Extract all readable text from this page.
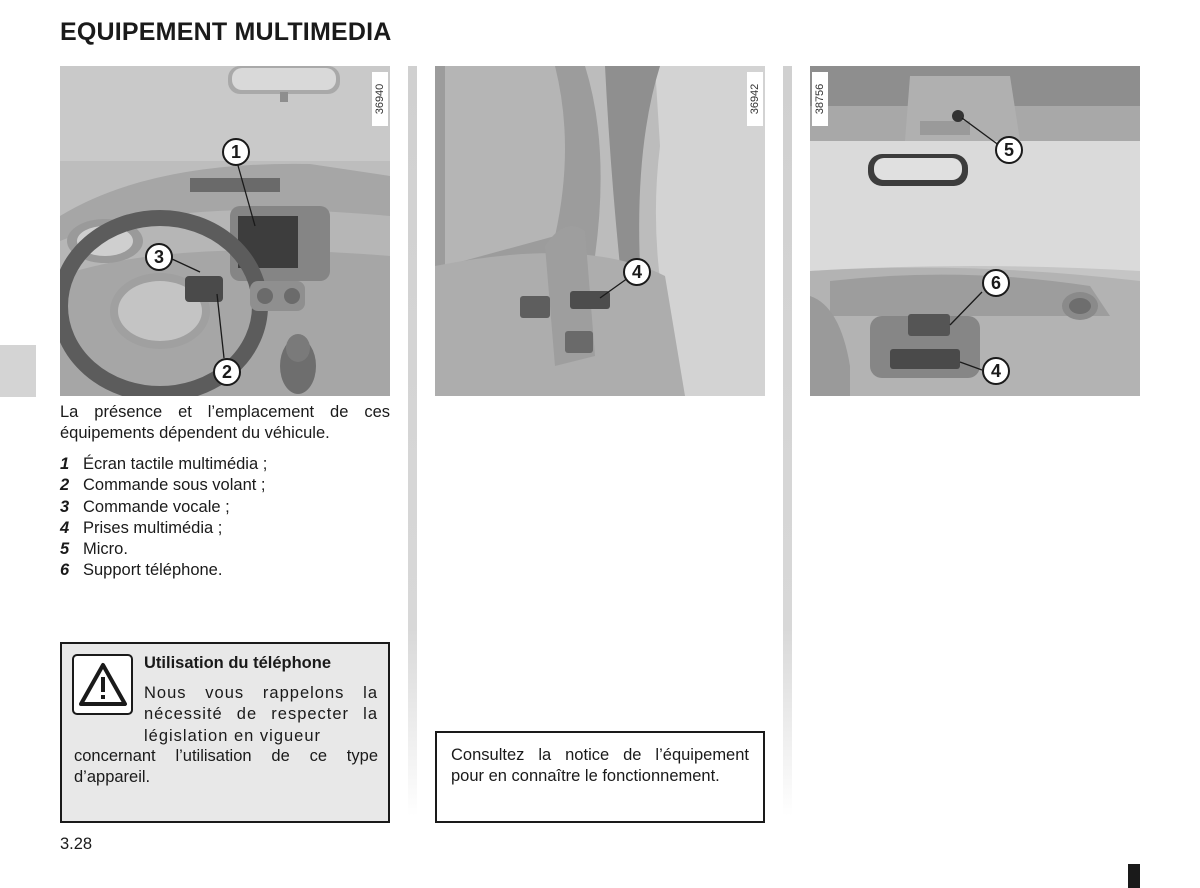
EQUIPEMENT MULTIMEDIA
36940
1
3
2
36942
4
38756
5
6
4

La présence et l’emplacement de ces équipements dépendent du véhicule.

1 Écran tactile multimédia ;
2 Commande sous volant ;
3 Commande vocale ;
4 Prises multimédia ;
5 Micro.
6 Support téléphone.
Utilisation du téléphone
Nous vous rappelons la nécessité de respecter la législation en vigueur
concernant l’utilisation de ce type d’appareil.
Consultez la notice de l’équipement pour en connaître le fonctionnement.
3.28
